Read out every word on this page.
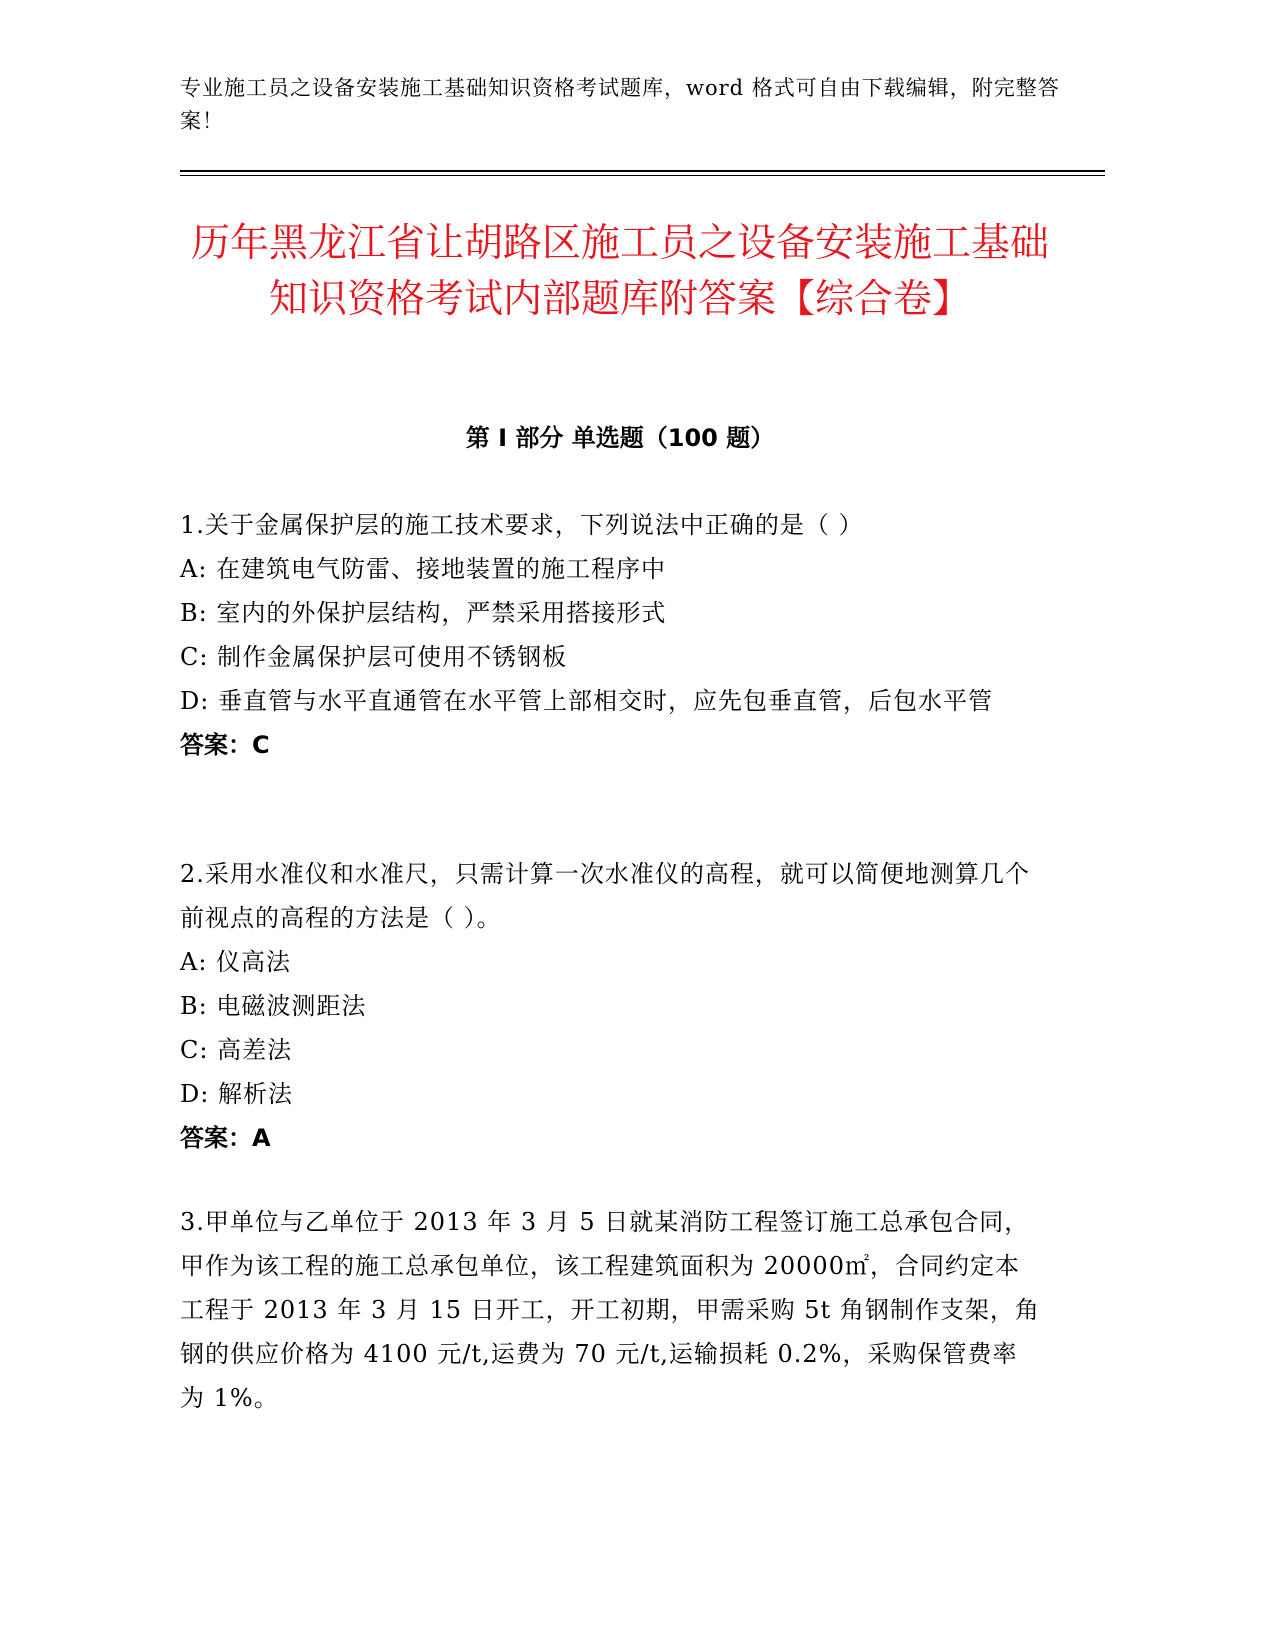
专业施工员之设备安装施工基础知识资格考试题库，word 格式可自由下载编辑，附完整答案！
历年黑龙江省让胡路区施工员之设备安装施工基础知识资格考试内部题库附答案【综合卷】
第 I 部分 单选题（100 题）
1.关于金属保护层的施工技术要求，下列说法中正确的是（ ）
A: 在建筑电气防雷、接地装置的施工程序中
B: 室内的外保护层结构，严禁采用搭接形式
C: 制作金属保护层可使用不锈钢板
D: 垂直管与水平直通管在水平管上部相交时，应先包垂直管，后包水平管
答案：C
2.采用水准仪和水准尺，只需计算一次水准仪的高程，就可以简便地测算几个前视点的高程的方法是（ ）。
A: 仪高法
B: 电磁波测距法
C: 高差法
D: 解析法
答案：A
3.甲单位与乙单位于 2013 年 3 月 5 日就某消防工程签订施工总承包合同，甲作为该工程的施工总承包单位，该工程建筑面积为 20000㎡，合同约定本工程于 2013 年 3 月 15 日开工，开工初期，甲需采购 5t 角钢制作支架，角钢的供应价格为 4100 元/t,运费为 70 元/t,运输损耗 0.2%，采购保管费率为 1%。
